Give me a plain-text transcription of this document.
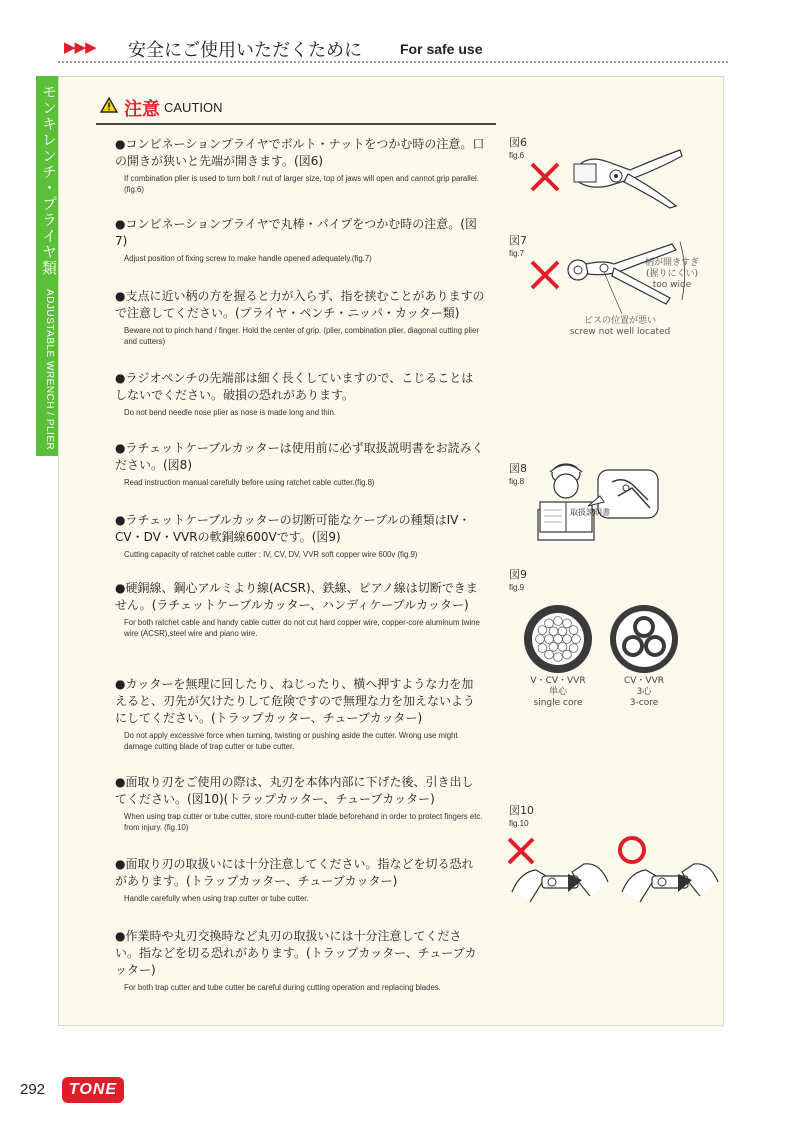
▶▶▶ 安全にご使用いただくために	For safe use
モンキレンチ・プライヤ類 ADJUSTABLE WRENCH / PLIER
注意 CAUTION
●コンビネーションプライヤでボルト・ナットをつかむ時の注意。口の開きが狭いと先端が開きます。(図6)
If combination plier is used to turn bolt / nut of larger size, top of jaws will open and cannot grip parallel. (fig.6)
●コンビネーションプライヤで丸棒・パイプをつかむ時の注意。(図7)
Adjust position of fixing screw to make handle opened adequately.(fig.7)
●支点に近い柄の方を握ると力が入らず、指を挟むことがありますので注意してください。(プライヤ・ペンチ・ニッパ・カッター類)
Beware not to pinch hand / finger. Hold the center of grip. (plier, combination plier, diagonal cutting plier and cutters)
●ラジオペンチの先端部は細く長くしていますので、こじることはしないでください。破損の恐れがあります。
Do not bend needle nose plier as nose is made long and thin.
●ラチェットケーブルカッターは使用前に必ず取扱説明書をお読みください。(図8)
Read instruction manual carefully before using ratchet cable cutter.(fig.8)
●ラチェットケーブルカッターの切断可能なケーブルの種類はIV・CV・DV・VVRの軟銅線600Vです。(図9)
Cutting capacity of ratchet cable cutter : IV, CV, DV, VVR soft copper wire 600v (fig.9)
●硬銅線、鋼心アルミより線(ACSR)、鉄線、ピアノ線は切断できません。(ラチェットケーブルカッター、ハンディケーブルカッター)
For both ratchet cable and handy cable cutter do not cut hard copper wire, copper-core aluminum twine wire (ACSR),steel wire and piano wire.
●カッターを無理に回したり、ねじったり、横へ押すような力を加えると、刃先が欠けたりして危険ですので無理な力を加えないようにしてください。(トラップカッター、チューブカッター)
Do not apply excessive force when turning, twisting or pushing aside the cutter. Wrong use might damage cutting blade of trap cutter or tube cutter.
●面取り刃をご使用の際は、丸刃を本体内部に下げた後、引き出してください。(図10)(トラップカッター、チューブカッター)
When using trap cutter or tube cutter, store round-cutter blade beforehand in order to protect fingers etc. from injury. (fig.10)
●面取り刃の取扱いには十分注意してください。指などを切る恐れがあります。(トラップカッター、チューブカッター)
Handle carefully when using trap cutter or tube cutter.
●作業時や丸刃交換時など丸刃の取扱いには十分注意してください。指などを切る恐れがあります。(トラップカッター、チューブカッター)
For both trap cutter and tube cutter be careful during cutting operation and replacing blades.
図6
fig.6
図7
fig.7
柄が開きすぎ
(握りにくい)
too wide
ビスの位置が悪い
screw not well located
図8
fig.8
取扱説明書
図9
fig.9
V・CV・VVR
単心
single core
CV・VVR
3心
3-core
図10
fig.10
292	TONE
